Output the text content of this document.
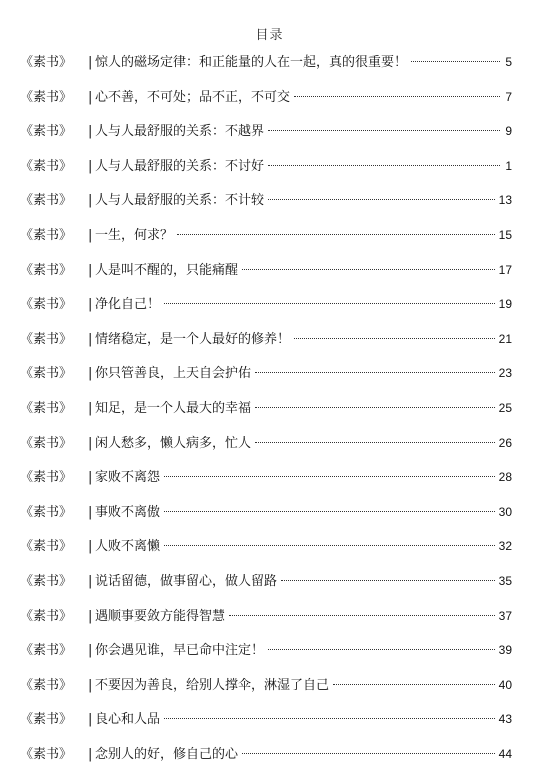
目录
《素书》	| 惊人的磁场定律：和正能量的人在一起，真的很重要！	5
《素书》	| 心不善，不可处；品不正，不可交	7
《素书》	| 人与人最舒服的关系：不越界	9
《素书》	| 人与人最舒服的关系：不讨好	1
《素书》	| 人与人最舒服的关系：不计较	13
《素书》	| 一生，何求？	15
《素书》	| 人是叫不醒的，只能痛醒	17
《素书》	| 净化自己！	19
《素书》	| 情绪稳定，是一个人最好的修养！	21
《素书》	| 你只管善良，上天自会护佑	23
《素书》	| 知足，是一个人最大的幸福	25
《素书》	| 闲人愁多，懒人病多，忙人	26
《素书》	| 家败不离怨	28
《素书》	| 事败不离傲	30
《素书》	| 人败不离懒	32
《素书》	| 说话留德，做事留心，做人留路	35
《素书》	| 遇顺事要敛方能得智慧	37
《素书》	| 你会遇见谁，早已命中注定！	39
《素书》	| 不要因为善良，给别人撑伞，淋湿了自己	40
《素书》	| 良心和人品	43
《素书》	| 念别人的好，修自己的心	44
